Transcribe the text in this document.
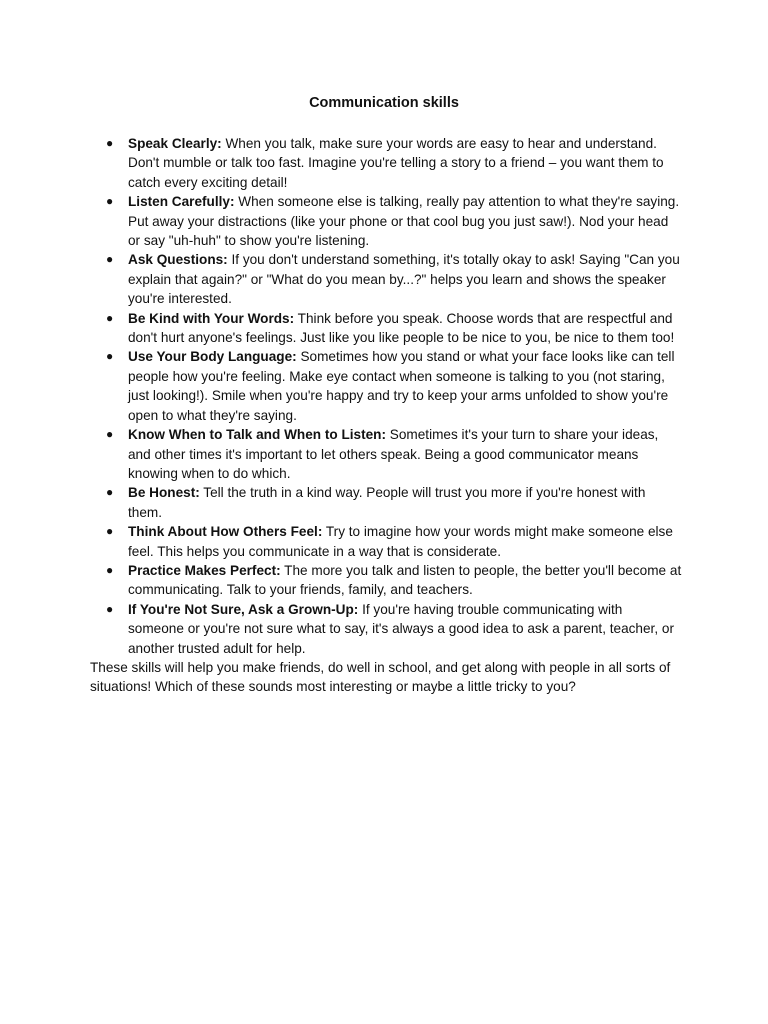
Communication skills
● Speak Clearly: When you talk, make sure your words are easy to hear and understand. Don't mumble or talk too fast. Imagine you're telling a story to a friend – you want them to catch every exciting detail!
● Listen Carefully: When someone else is talking, really pay attention to what they're saying. Put away your distractions (like your phone or that cool bug you just saw!). Nod your head or say "uh-huh" to show you're listening.
● Ask Questions: If you don't understand something, it's totally okay to ask! Saying "Can you explain that again?" or "What do you mean by...?" helps you learn and shows the speaker you're interested.
● Be Kind with Your Words: Think before you speak. Choose words that are respectful and don't hurt anyone's feelings. Just like you like people to be nice to you, be nice to them too!
● Use Your Body Language: Sometimes how you stand or what your face looks like can tell people how you're feeling. Make eye contact when someone is talking to you (not staring, just looking!). Smile when you're happy and try to keep your arms unfolded to show you're open to what they're saying.
● Know When to Talk and When to Listen: Sometimes it's your turn to share your ideas, and other times it's important to let others speak. Being a good communicator means knowing when to do which.
● Be Honest: Tell the truth in a kind way. People will trust you more if you're honest with them.
● Think About How Others Feel: Try to imagine how your words might make someone else feel. This helps you communicate in a way that is considerate.
● Practice Makes Perfect: The more you talk and listen to people, the better you'll become at communicating. Talk to your friends, family, and teachers.
● If You're Not Sure, Ask a Grown-Up: If you're having trouble communicating with someone or you're not sure what to say, it's always a good idea to ask a parent, teacher, or another trusted adult for help.

These skills will help you make friends, do well in school, and get along with people in all sorts of situations! Which of these sounds most interesting or maybe a little tricky to you?
